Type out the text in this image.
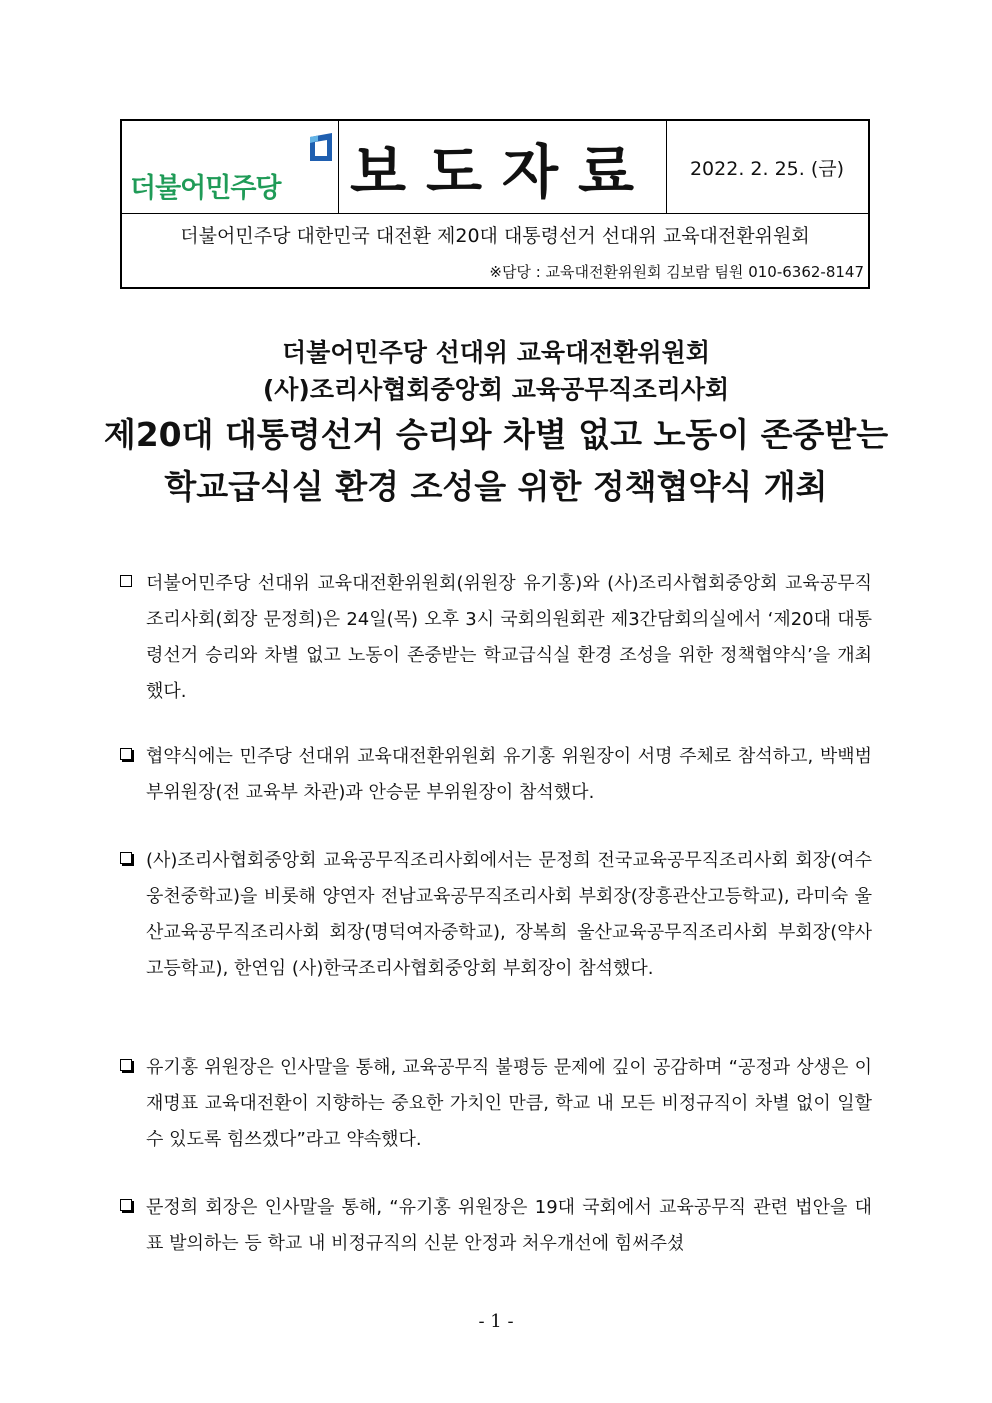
더불어민주당 보도자료	2022. 2. 25. (금)
더불어민주당 대한민국 대전환 제20대 대통령선거 선대위 교육대전환위원회
※담당 : 교육대전환위원회 김보람 팀원 010-6362-8147
더불어민주당 선대위 교육대전환위원회
(사)조리사협회중앙회 교육공무직조리사회
제20대 대통령선거 승리와 차별 없고 노동이 존중받는
학교급식실 환경 조성을 위한 정책협약식 개최
더불어민주당 선대위 교육대전환위원회(위원장 유기홍)와 (사)조리사협회중앙회 교육공무직조리사회(회장 문정희)은 24일(목) 오후 3시 국회의원회관 제3간담회의실에서 ‘제20대 대통령선거 승리와 차별 없고 노동이 존중받는 학교급식실 환경 조성을 위한 정책협약식’을 개최했다.
협약식에는 민주당 선대위 교육대전환위원회 유기홍 위원장이 서명 주체로 참석하고, 박백범 부위원장(전 교육부 차관)과 안승문 부위원장이 참석했다.
(사)조리사협회중앙회 교육공무직조리사회에서는 문정희 전국교육공무직조리사회 회장(여수 웅천중학교)을 비롯해 양연자 전남교육공무직조리사회 부회장(장흥관산고등학교), 라미숙 울산교육공무직조리사회 회장(명덕여자중학교), 장복희 울산교육공무직조리사회 부회장(약사고등학교), 한연임 (사)한국조리사협회중앙회 부회장이 참석했다.
유기홍 위원장은 인사말을 통해, 교육공무직 불평등 문제에 깊이 공감하며 “공정과 상생은 이재명표 교육대전환이 지향하는 중요한 가치인 만큼, 학교 내 모든 비정규직이 차별 없이 일할 수 있도록 힘쓰겠다”라고 약속했다.
문정희 회장은 인사말을 통해, “유기홍 위원장은 19대 국회에서 교육공무직 관련 법안을 대표 발의하는 등 학교 내 비정규직의 신분 안정과 처우개선에 힘써주셨
- 1 -
